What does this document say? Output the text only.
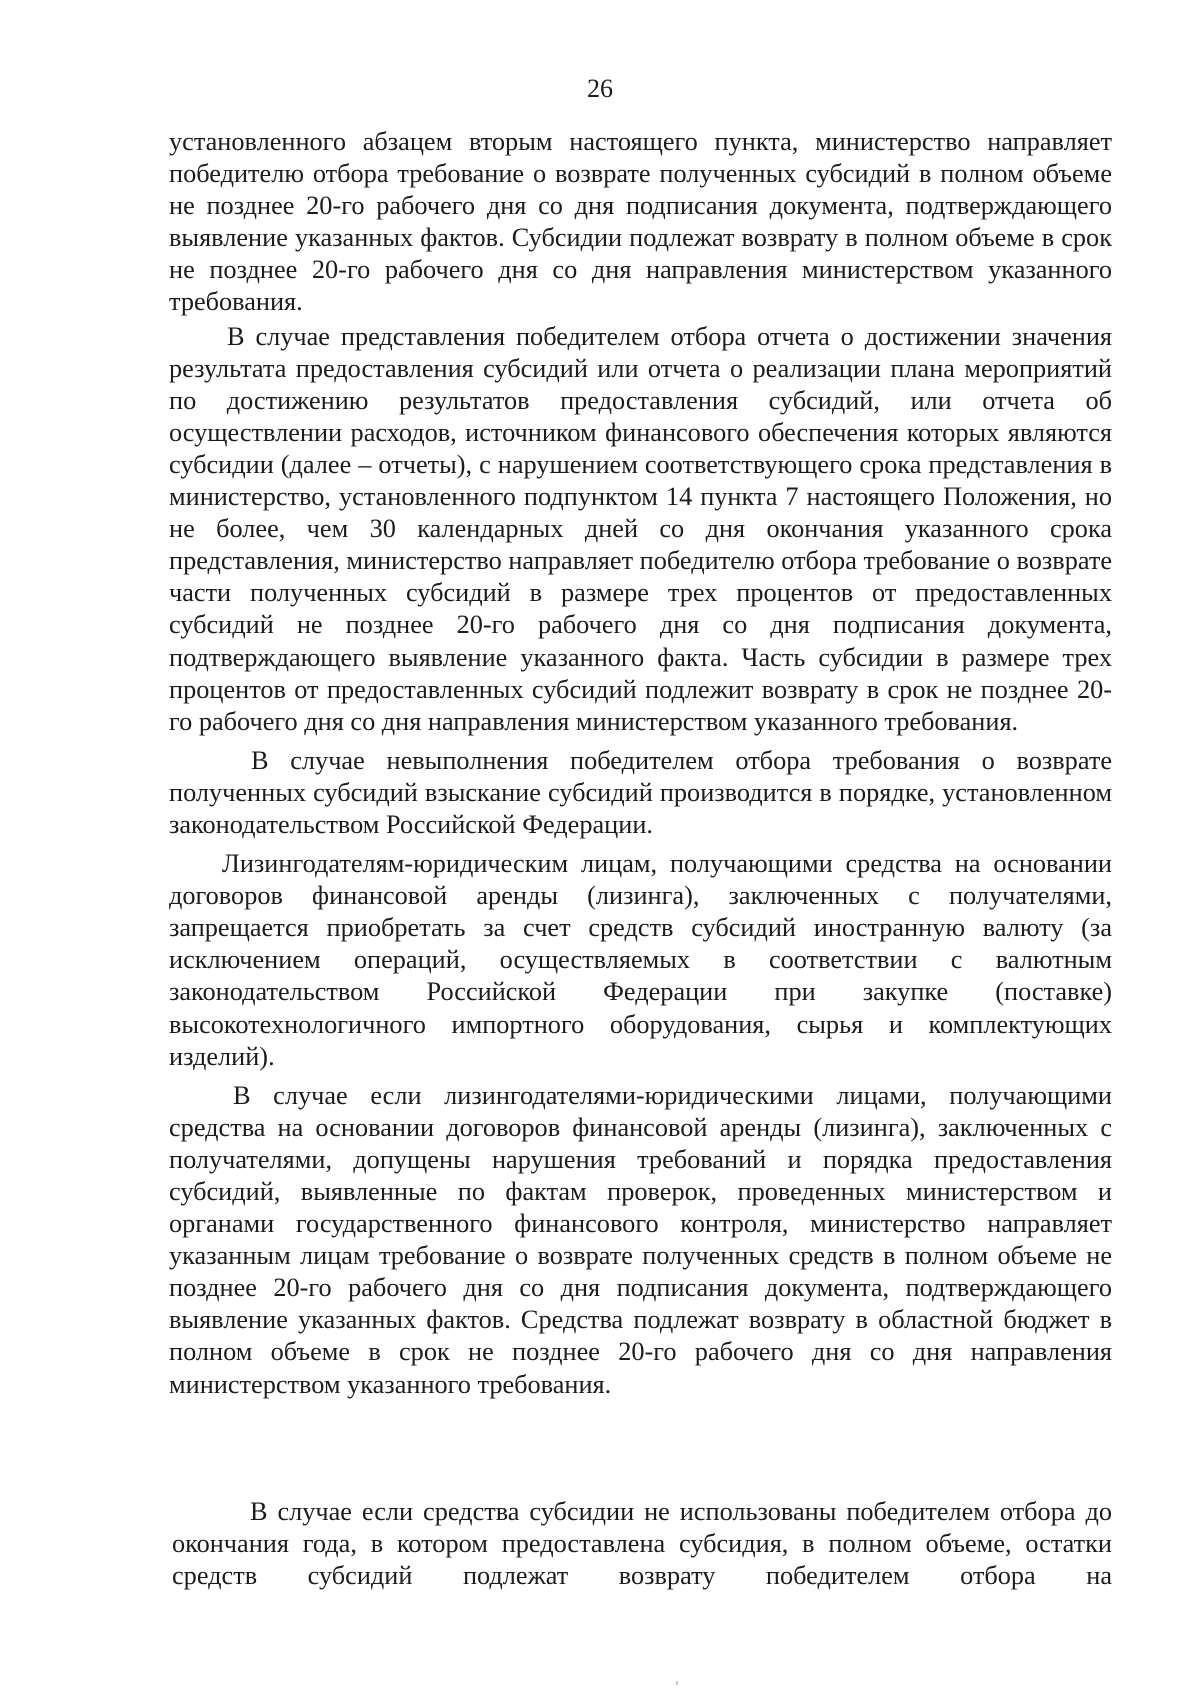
26

установленного абзацем вторым настоящего пункта, министерство направляет победителю отбора требование о возврате полученных субсидий в полном объеме не позднее 20-го рабочего дня со дня подписания документа, подтверждающего выявление указанных фактов. Субсидии подлежат возврату в полном объеме в срок не позднее 20-го рабочего дня со дня направления министерством указанного требования.

В случае представления победителем отбора отчета о достижении значения результата предоставления субсидий или отчета о реализации плана мероприятий по достижению результатов предоставления субсидий, или отчета об осуществлении расходов, источником финансового обеспечения которых являются субсидии (далее – отчеты), с нарушением соответствующего срока представления в министерство, установленного подпунктом 14 пункта 7 настоящего Положения, но не более, чем 30 календарных дней со дня окончания указанного срока представления, министерство направляет победителю отбора требование о возврате части полученных субсидий в размере трех процентов от предоставленных субсидий не позднее 20-го рабочего дня со дня подписания документа, подтверждающего выявление указанного факта. Часть субсидии в размере трех процентов от предоставленных субсидий подлежит возврату в срок не позднее 20-го рабочего дня со дня направления министерством указанного требования.

В случае невыполнения победителем отбора требования о возврате полученных субсидий взыскание субсидий производится в порядке, установленном законодательством Российской Федерации.

Лизингодателям-юридическим лицам, получающими средства на основании договоров финансовой аренды (лизинга), заключенных с получателями, запрещается приобретать за счет средств субсидий иностранную валюту (за исключением операций, осуществляемых в соответствии с валютным законодательством Российской Федерации при закупке (поставке) высокотехнологичного импортного оборудования, сырья и комплектующих изделий).

В случае если лизингодателями-юридическими лицами, получающими средства на основании договоров финансовой аренды (лизинга), заключенных с получателями, допущены нарушения требований и порядка предоставления субсидий, выявленные по фактам проверок, проведенных министерством и органами государственного финансового контроля, министерство направляет указанным лицам требование о возврате полученных средств в полном объеме не позднее 20-го рабочего дня со дня подписания документа, подтверждающего выявление указанных фактов. Средства подлежат возврату в областной бюджет в полном объеме в срок не позднее 20-го рабочего дня со дня направления министерством указанного требования.

В случае если средства субсидии не использованы победителем отбора до окончания года, в котором предоставлена субсидия, в полном объеме, остатки средств субсидий подлежат возврату победителем отбора на
